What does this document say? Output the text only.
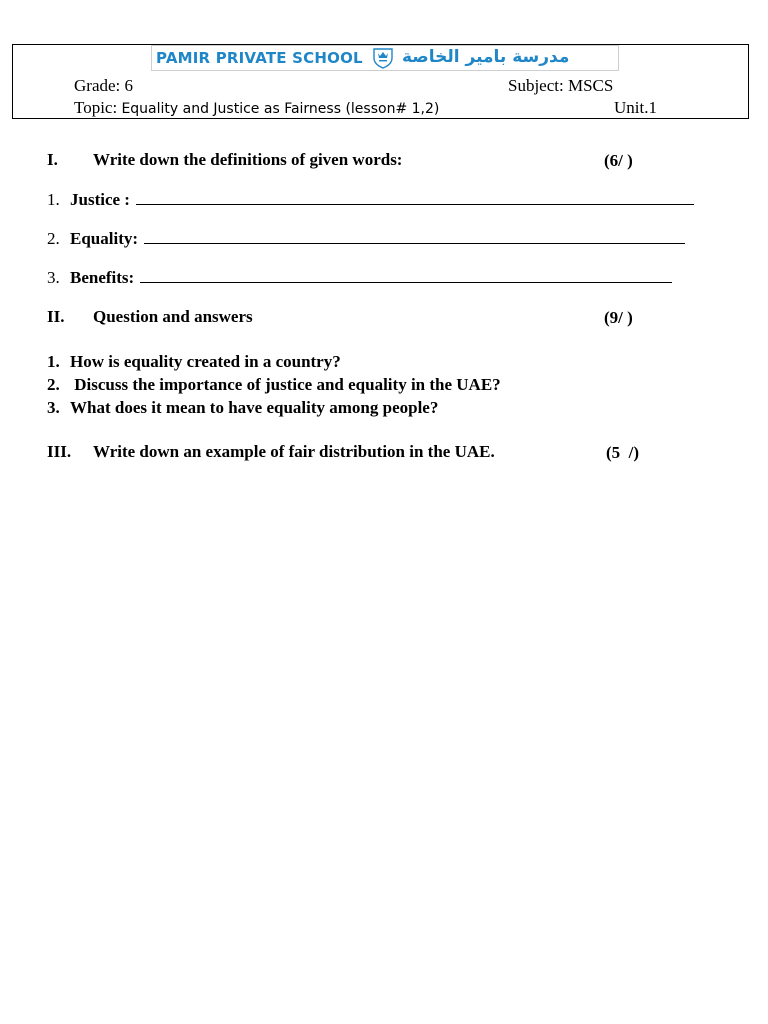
PAMIR PRIVATE SCHOOL مدرسة بامير الخاصة
Grade: 6	Subject: MSCS
Topic: Equality and Justice as Fairness (lesson# 1,2)	Unit.1
I. Write down the definitions of given words:	(6/ )
1. Justice :
2. Equality:
3. Benefits:
II. Question and answers	(9/ )
1. How is equality created in a country?
2.  Discuss the importance of justice and equality in the UAE?
3. What does it mean to have equality among people?
III. Write down an example of fair distribution in the UAE.	(5  /)
